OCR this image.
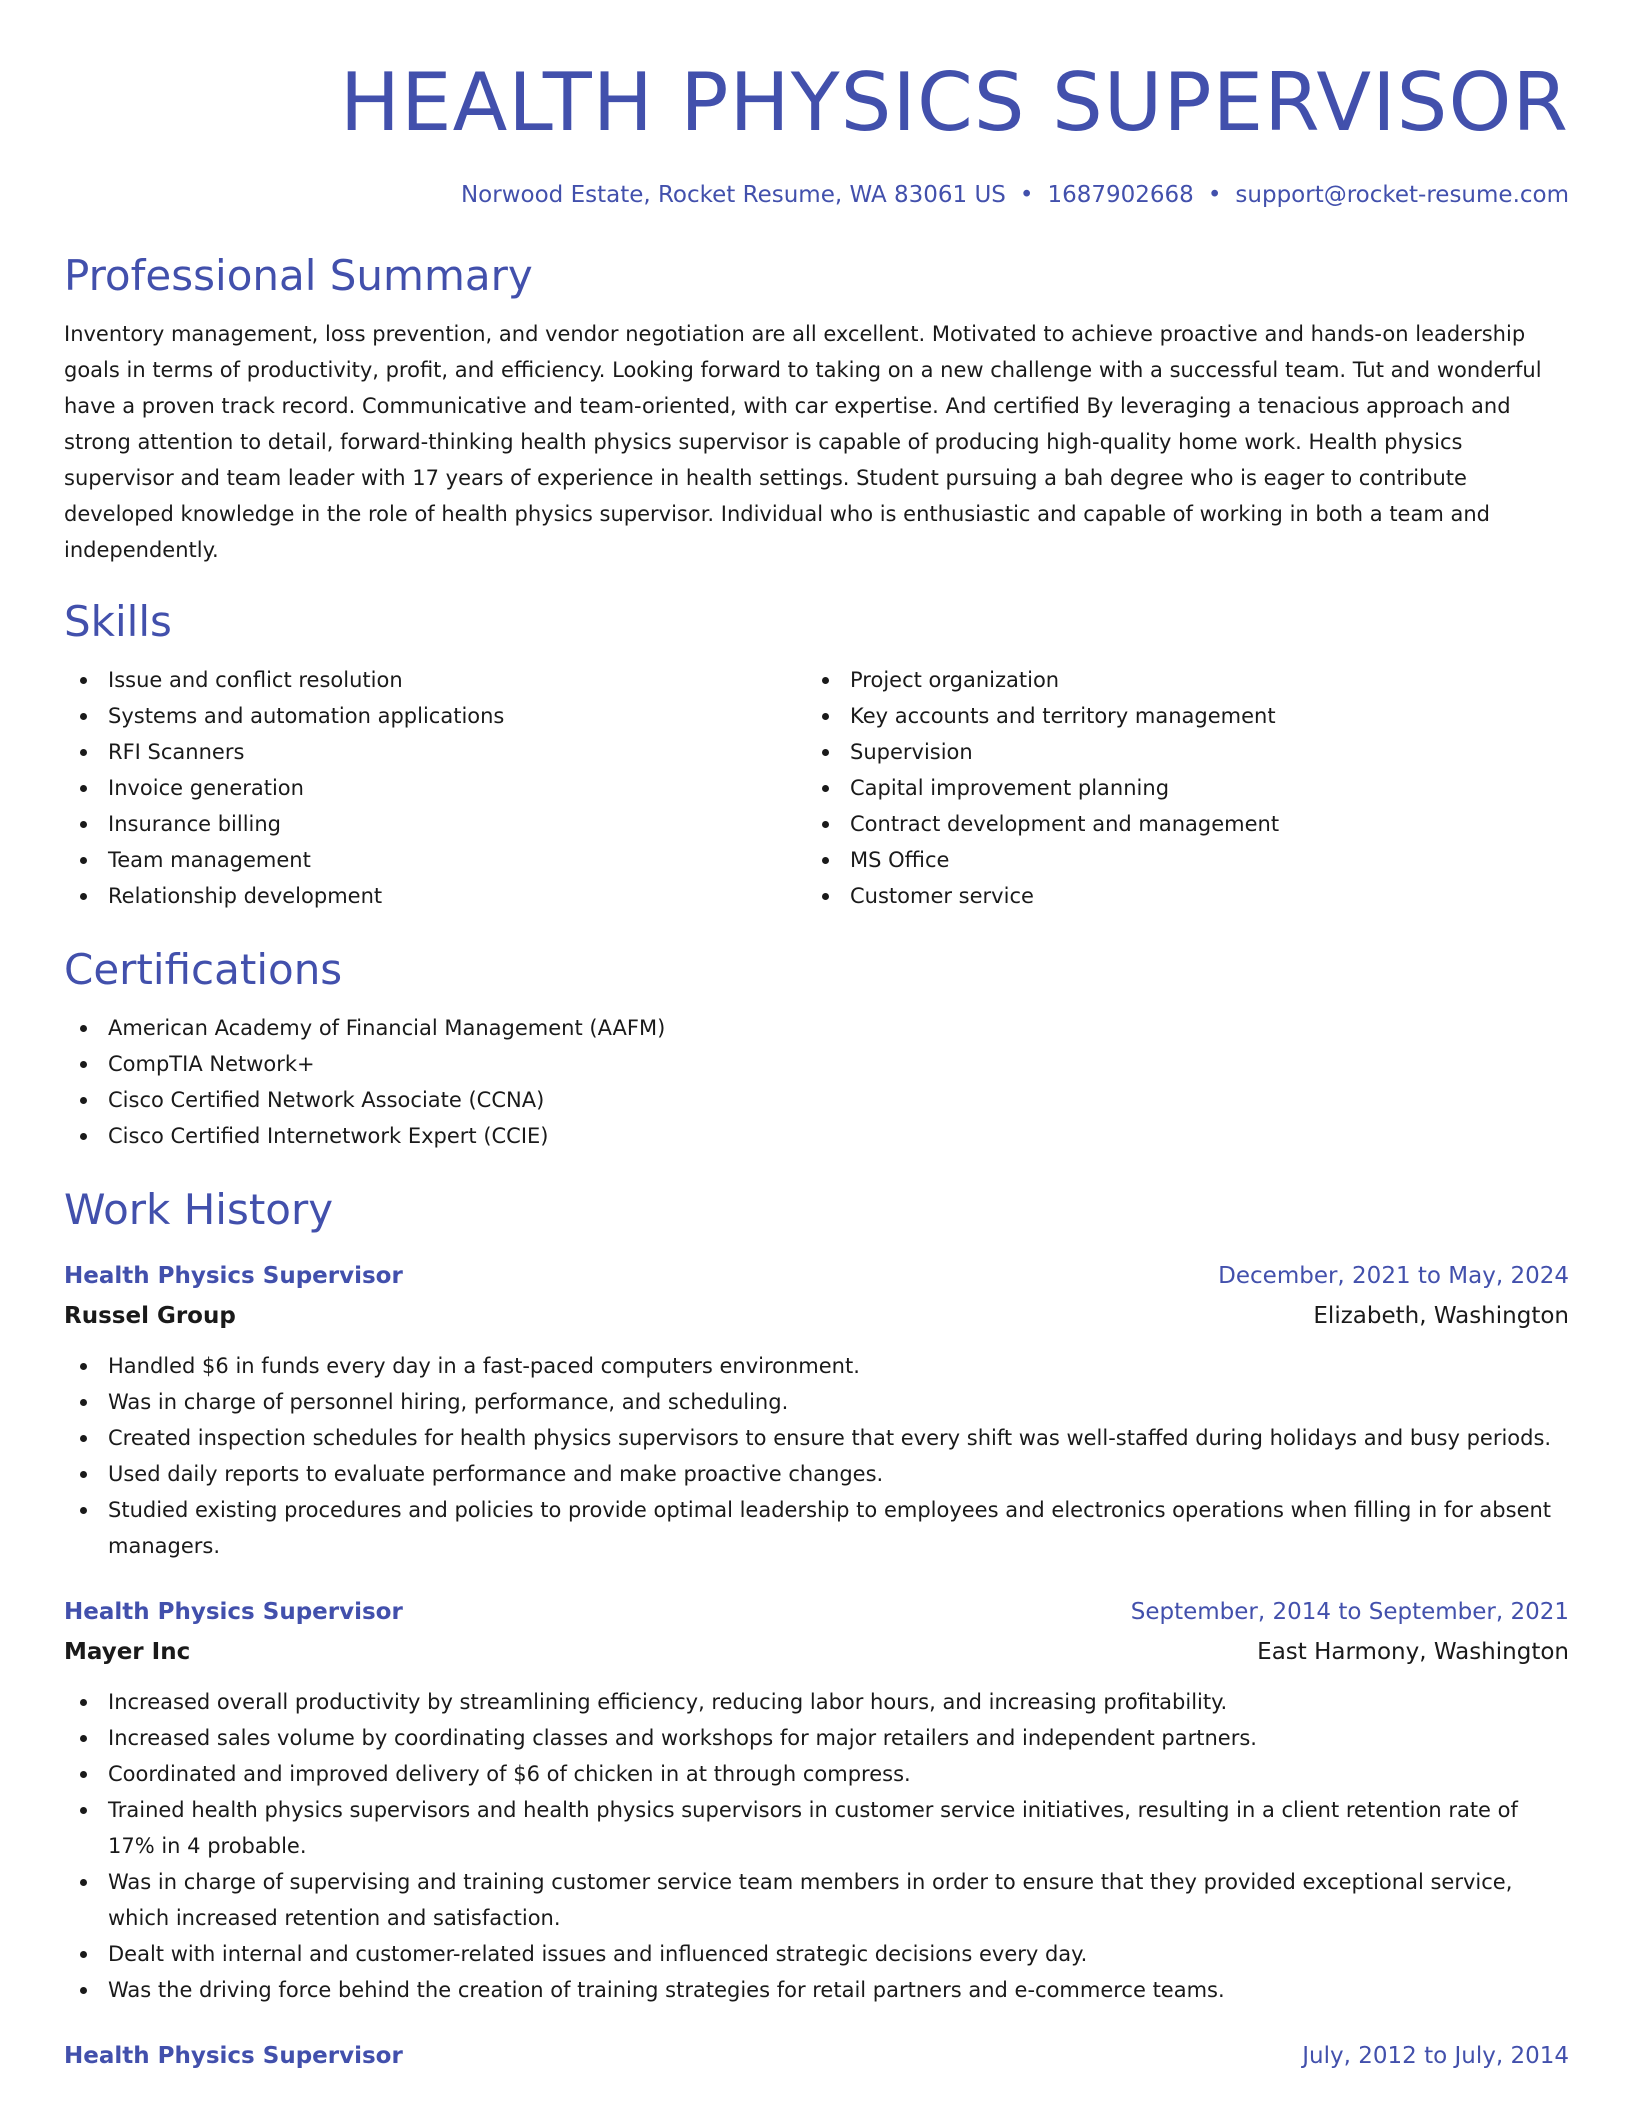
HEALTH PHYSICS SUPERVISOR
Norwood Estate, Rocket Resume, WA 83061 US • 1687902668 • support@rocket-resume.com
Professional Summary

Inventory management, loss prevention, and vendor negotiation are all excellent. Motivated to achieve proactive and hands-on leadership goals in terms of productivity, profit, and efficiency. Looking forward to taking on a new challenge with a successful team. Tut and wonderful have a proven track record. Communicative and team-oriented, with car expertise. And certified By leveraging a tenacious approach and strong attention to detail, forward-thinking health physics supervisor is capable of producing high-quality home work. Health physics supervisor and team leader with 17 years of experience in health settings. Student pursuing a bah degree who is eager to contribute developed knowledge in the role of health physics supervisor. Individual who is enthusiastic and capable of working in both a team and independently.

Skills
Issue and conflict resolution
Systems and automation applications
RFI Scanners
Invoice generation
Insurance billing
Team management
Relationship development
Project organization
Key accounts and territory management
Supervision
Capital improvement planning
Contract development and management
MS Office
Customer service
Certifications
American Academy of Financial Management (AAFM)
CompTIA Network+
Cisco Certified Network Associate (CCNA)
Cisco Certified Internetwork Expert (CCIE)
Work History
Health Physics Supervisor	December, 2021 to May, 2024
Russel Group	Elizabeth, Washington
Handled $6 in funds every day in a fast-paced computers environment.
Was in charge of personnel hiring, performance, and scheduling.
Created inspection schedules for health physics supervisors to ensure that every shift was well-staffed during holidays and busy periods.
Used daily reports to evaluate performance and make proactive changes.
Studied existing procedures and policies to provide optimal leadership to employees and electronics operations when filling in for absent managers.
Health Physics Supervisor	September, 2014 to September, 2021
Mayer Inc	East Harmony, Washington
Increased overall productivity by streamlining efficiency, reducing labor hours, and increasing profitability.
Increased sales volume by coordinating classes and workshops for major retailers and independent partners.
Coordinated and improved delivery of $6 of chicken in at through compress.
Trained health physics supervisors and health physics supervisors in customer service initiatives, resulting in a client retention rate of 17% in 4 probable.
Was in charge of supervising and training customer service team members in order to ensure that they provided exceptional service, which increased retention and satisfaction.
Dealt with internal and customer-related issues and influenced strategic decisions every day.
Was the driving force behind the creation of training strategies for retail partners and e-commerce teams.
Health Physics Supervisor	July, 2012 to July, 2014
